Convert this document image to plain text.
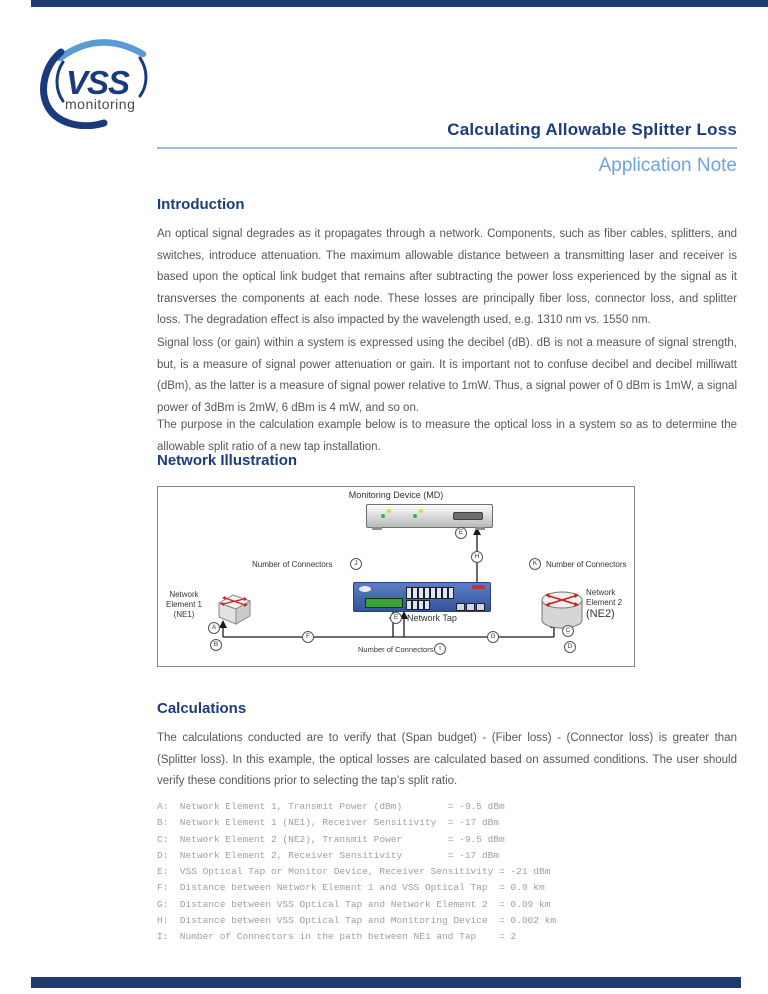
VSS
monitoring
Calculating Allowable Splitter Loss
Application Note
Introduction

An optical signal degrades as it propagates through a network. Components, such as fiber cables, splitters, and switches, introduce attenuation. The maximum allowable distance between a transmitting laser and receiver is based upon the optical link budget that remains after subtracting the power loss experienced by the signal as it transverses the components at each node. These losses are principally fiber loss, connector loss, and splitter loss. The degradation effect is also impacted by the wavelength used, e.g. 1310 nm vs. 1550 nm.

Signal loss (or gain) within a system is expressed using the decibel (dB). dB is not a measure of signal strength, but, is a measure of signal power attenuation or gain. It is important not to confuse decibel and decibel milliwatt (dBm), as the latter is a measure of signal power relative to 1mW. Thus, a signal power of 0 dBm is 1mW, a signal power of 3dBm is 2mW, 6 dBm is 4 mW, and so on.

The purpose in the calculation example below is to measure the optical loss in a system so as to determine the allowable split ratio of a new tap installation.

Network Illustration
Monitoring Device (MD)
E
H
Number of Connectors	J	K	Number of Connectors
E Network Tap
Network
Element 1
(NE1)
A
B
F	G
Network
Element 2
(NE2)
C
D
Number of Connectors I
Calculations

The calculations conducted are to verify that (Span budget) - (Fiber loss) - (Connector loss) is greater than (Splitter loss). In this example, the optical losses are calculated based on assumed conditions. The user should verify these conditions prior to selecting the tap’s split ratio.

A:  Network Element 1, Transmit Power (dBm)        = -9.5 dBm
B:  Network Element 1 (NE1), Receiver Sensitivity  = -17 dBm
C:  Network Element 2 (NE2), Transmit Power        = -9.5 dBm
D:  Network Element 2, Receiver Sensitivity        = -17 dBm
E:  VSS Optical Tap or Monitor Device, Receiver Sensitivity = -21 dBm
F:  Distance between Network Element 1 and VSS Optical Tap  = 0.9 km
G:  Distance between VSS Optical Tap and Network Element 2  = 0.09 km
H:  Distance between VSS Optical Tap and Monitoring Device  = 0.002 km
I:  Number of Connectors in the path between NE1 and Tap    = 2
